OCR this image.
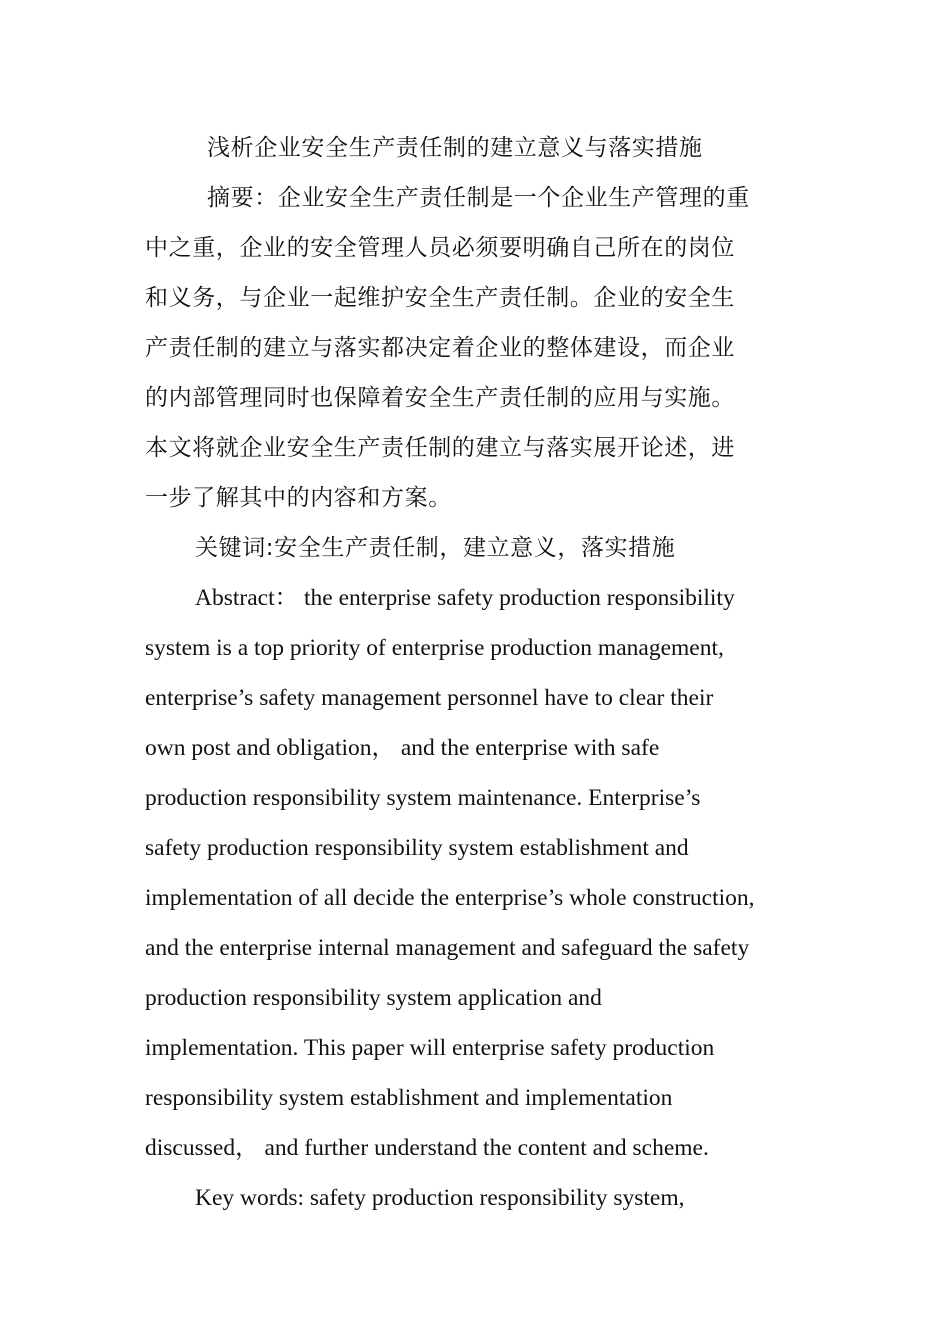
浅析企业安全生产责任制的建立意义与落实措施
摘要：企业安全生产责任制是一个企业生产管理的重
中之重，企业的安全管理人员必须要明确自己所在的岗位
和义务，与企业一起维护安全生产责任制。企业的安全生
产责任制的建立与落实都决定着企业的整体建设，而企业
的内部管理同时也保障着安全生产责任制的应用与实施。
本文将就企业安全生产责任制的建立与落实展开论述，进
一步了解其中的内容和方案。
关键词:安全生产责任制，建立意义，落实措施
Abstract： the enterprise safety production responsibility
system is a top priority of enterprise production management,
enterprise’s safety management personnel have to clear their
own post and obligation， and the enterprise with safe
production responsibility system maintenance. Enterprise’s
safety production responsibility system establishment and
implementation of all decide the enterprise’s whole construction,
and the enterprise internal management and safeguard the safety
production responsibility system application and
implementation. This paper will enterprise safety production
responsibility system establishment and implementation
discussed， and further understand the content and scheme.
Key words: safety production responsibility system,
